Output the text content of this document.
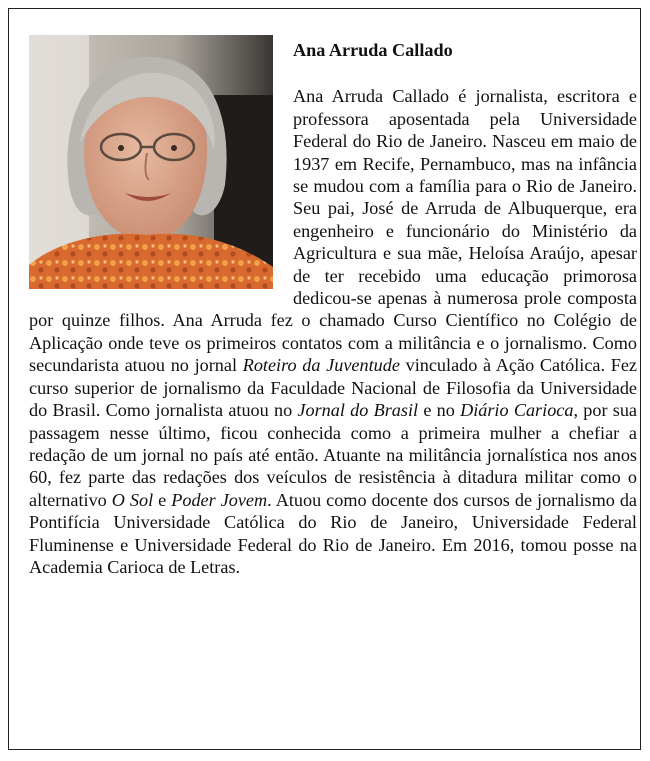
Ana Arruda Callado
Ana Arruda Callado é jornalista, escritora e professora aposentada pela Universidade Federal do Rio de Janeiro. Nasceu em maio de 1937 em Recife, Pernambuco, mas na infância se mudou com a família para o Rio de Janeiro. Seu pai, José de Arruda de Albuquerque, era engenheiro e funcionário do Ministério da Agricultura e sua mãe, Heloísa Araújo, apesar de ter recebido uma educação primorosa dedicou-se apenas à numerosa prole composta por quinze filhos. Ana Arruda fez o chamado Curso Científico no Colégio de Aplicação onde teve os primeiros contatos com a militância e o jornalismo. Como secundarista atuou no jornal Roteiro da Juventude vinculado à Ação Católica. Fez curso superior de jornalismo da Faculdade Nacional de Filosofia da Universidade do Brasil. Como jornalista atuou no Jornal do Brasil e no Diário Carioca, por sua passagem nesse último, ficou conhecida como a primeira mulher a chefiar a redação de um jornal no país até então. Atuante na militância jornalística nos anos 60, fez parte das redações dos veículos de resistência à ditadura militar como o alternativo O Sol e Poder Jovem. Atuou como docente dos cursos de jornalismo da Pontifícia Universidade Católica do Rio de Janeiro, Universidade Federal Fluminense e Universidade Federal do Rio de Janeiro. Em 2016, tomou posse na Academia Carioca de Letras.
